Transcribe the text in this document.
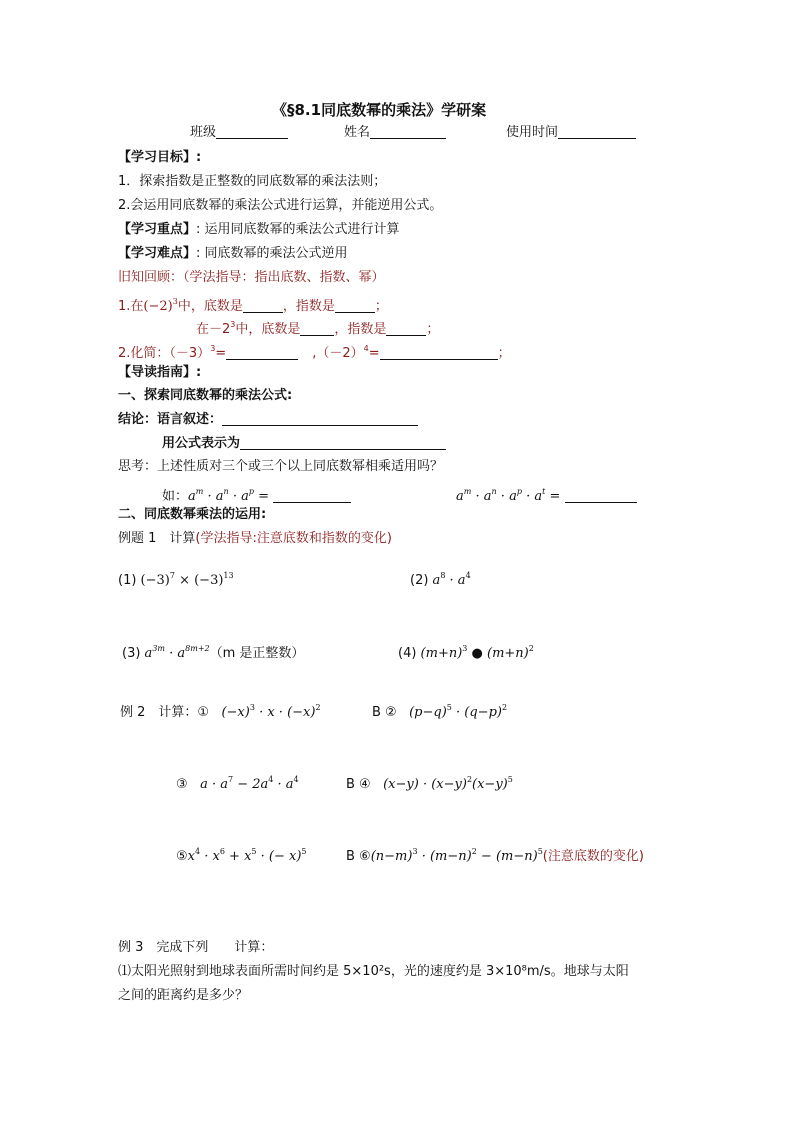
《§8.1同底数幂的乘法》学研案
班级	姓名	使用时间
【学习目标】:
1．探索指数是正整数的同底数幂的乘法法则；
2.会运用同底数幂的乘法公式进行运算，并能逆用公式。
【学习重点】: 运用同底数幂的乘法公式进行计算
【学习难点】: 同底数幂的乘法公式逆用
旧知回顾：（学法指导：指出底数、指数、幂）
1.在$(-2)^3$中，底数是	，指数是	；
在$-2^3$中，底数是	，指数是	；
2.化简：$(-3)^3=$	$,(-2)^4=$	；
【导读指南】:
一、探索同底数幂的乘法公式:
结论：语言叙述：
用公式表示为
思考：上述性质对三个或三个以上同底数幂相乘适用吗？
如：$a^m \cdot a^n \cdot a^p$ =	$a^m \cdot a^n \cdot a^p \cdot a^t$ =
二、同底数幂乘法的运用:
例题 1　计算(学法指导:注意底数和指数的变化)
(1) $(-3)^7 \times (-3)^{13}$	(2) $a^8 \cdot a^4$
(3) $a^{3m} \cdot a^{8m+2}(m$ 是正整数）	(4) $(m+n)^3$ ● $(m+n)^2$
例 2　计算：①   $(-x)^3 \cdot x \cdot (-x)^2$	B ②   $(p-q)^5 \cdot (q-p)^2$
③   $a \cdot a^7 - 2a^4 \cdot a^4$	B ④   $(x-y) \cdot (x-y)^2(x-y)^5$
$⑤x^4 \cdot x^6 + x^5$ · (− x)$^5$	B $⑥(n-m)^3 \cdot (m-n)^2 - (m-n)^5$(注意底数的变化)
例 3　完成下列　　计算：
⑴太阳光照射到地球表面所需时间约是 5×10²s，光的速度约是 3×10⁸m/s。地球与太阳
之间的距离约是多少？
